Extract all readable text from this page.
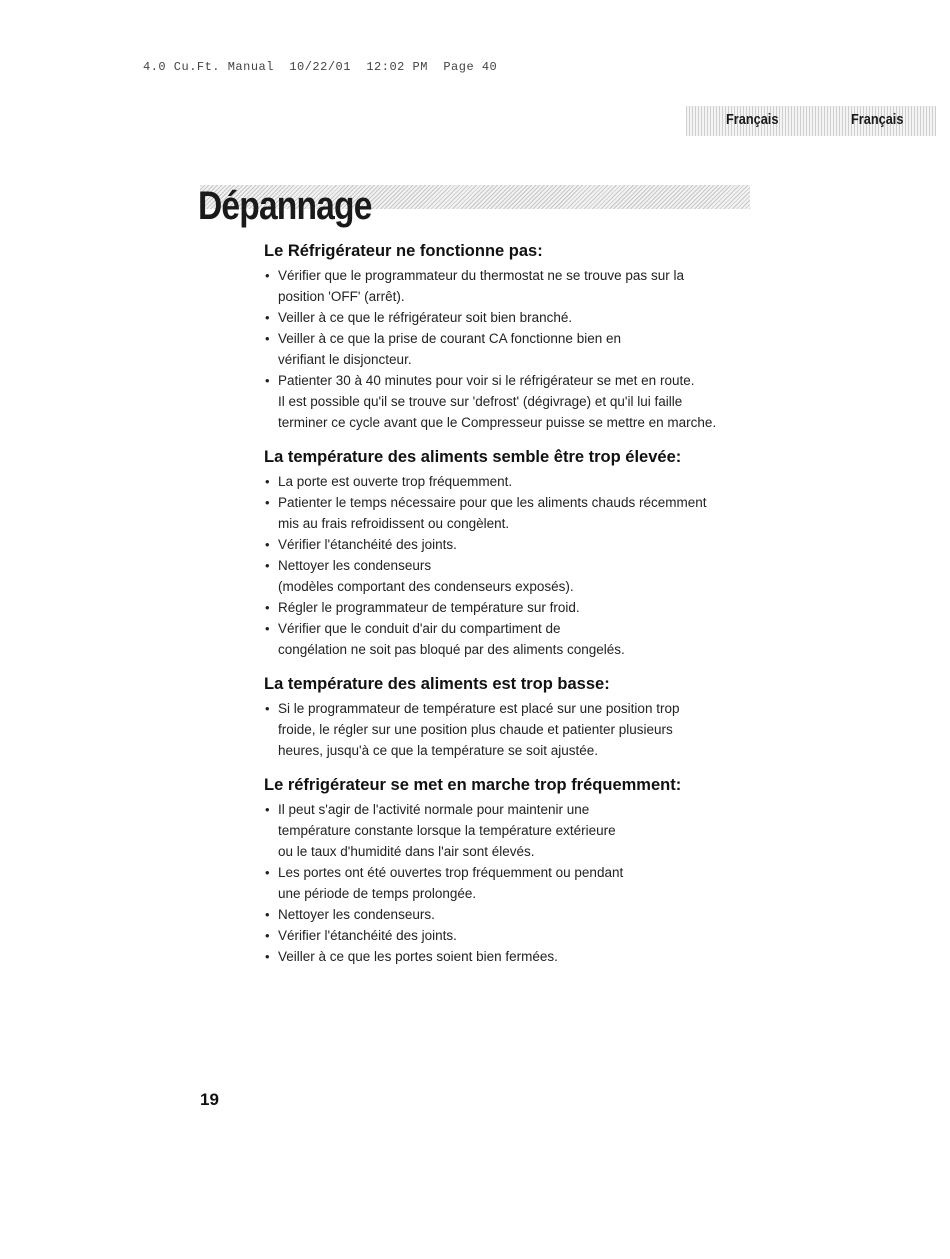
4.0 Cu.Ft. Manual  10/22/01  12:02 PM  Page 40
Français	Français
Dépannage
Le Réfrigérateur ne fonctionne pas:
• Vérifier que le programmateur du thermostat ne se trouve pas sur la
position 'OFF' (arrêt).
• Veiller à ce que le réfrigérateur soit bien branché.
• Veiller à ce que la prise de courant CA fonctionne bien en
vérifiant le disjoncteur.
• Patienter 30 à 40 minutes pour voir si le réfrigérateur se met en route.
Il est possible qu'il se trouve sur 'defrost' (dégivrage) et qu'il lui faille
terminer ce cycle avant que le Compresseur puisse se mettre en marche.
La température des aliments semble être trop élevée:
• La porte est ouverte trop fréquemment.
• Patienter le temps nécessaire pour que les aliments chauds récemment
mis au frais refroidissent ou congèlent.
• Vérifier l'étanchéité des joints.
• Nettoyer les condenseurs
(modèles comportant des condenseurs exposés).
• Régler le programmateur de température sur froid.
• Vérifier que le conduit d'air du compartiment de
congélation ne soit pas bloqué par des aliments congelés.
La température des aliments est trop basse:
• Si le programmateur de température est placé sur une position trop
froide, le régler sur une position plus chaude et patienter plusieurs
heures, jusqu'à ce que la température se soit ajustée.
Le réfrigérateur se met en marche trop fréquemment:
• Il peut s'agir de l'activité normale pour maintenir une
température constante lorsque la température extérieure
ou le taux d'humidité dans l'air sont élevés.
• Les portes ont été ouvertes trop fréquemment ou pendant
une période de temps prolongée.
• Nettoyer les condenseurs.
• Vérifier l'étanchéité des joints.
• Veiller à ce que les portes soient bien fermées.
19
